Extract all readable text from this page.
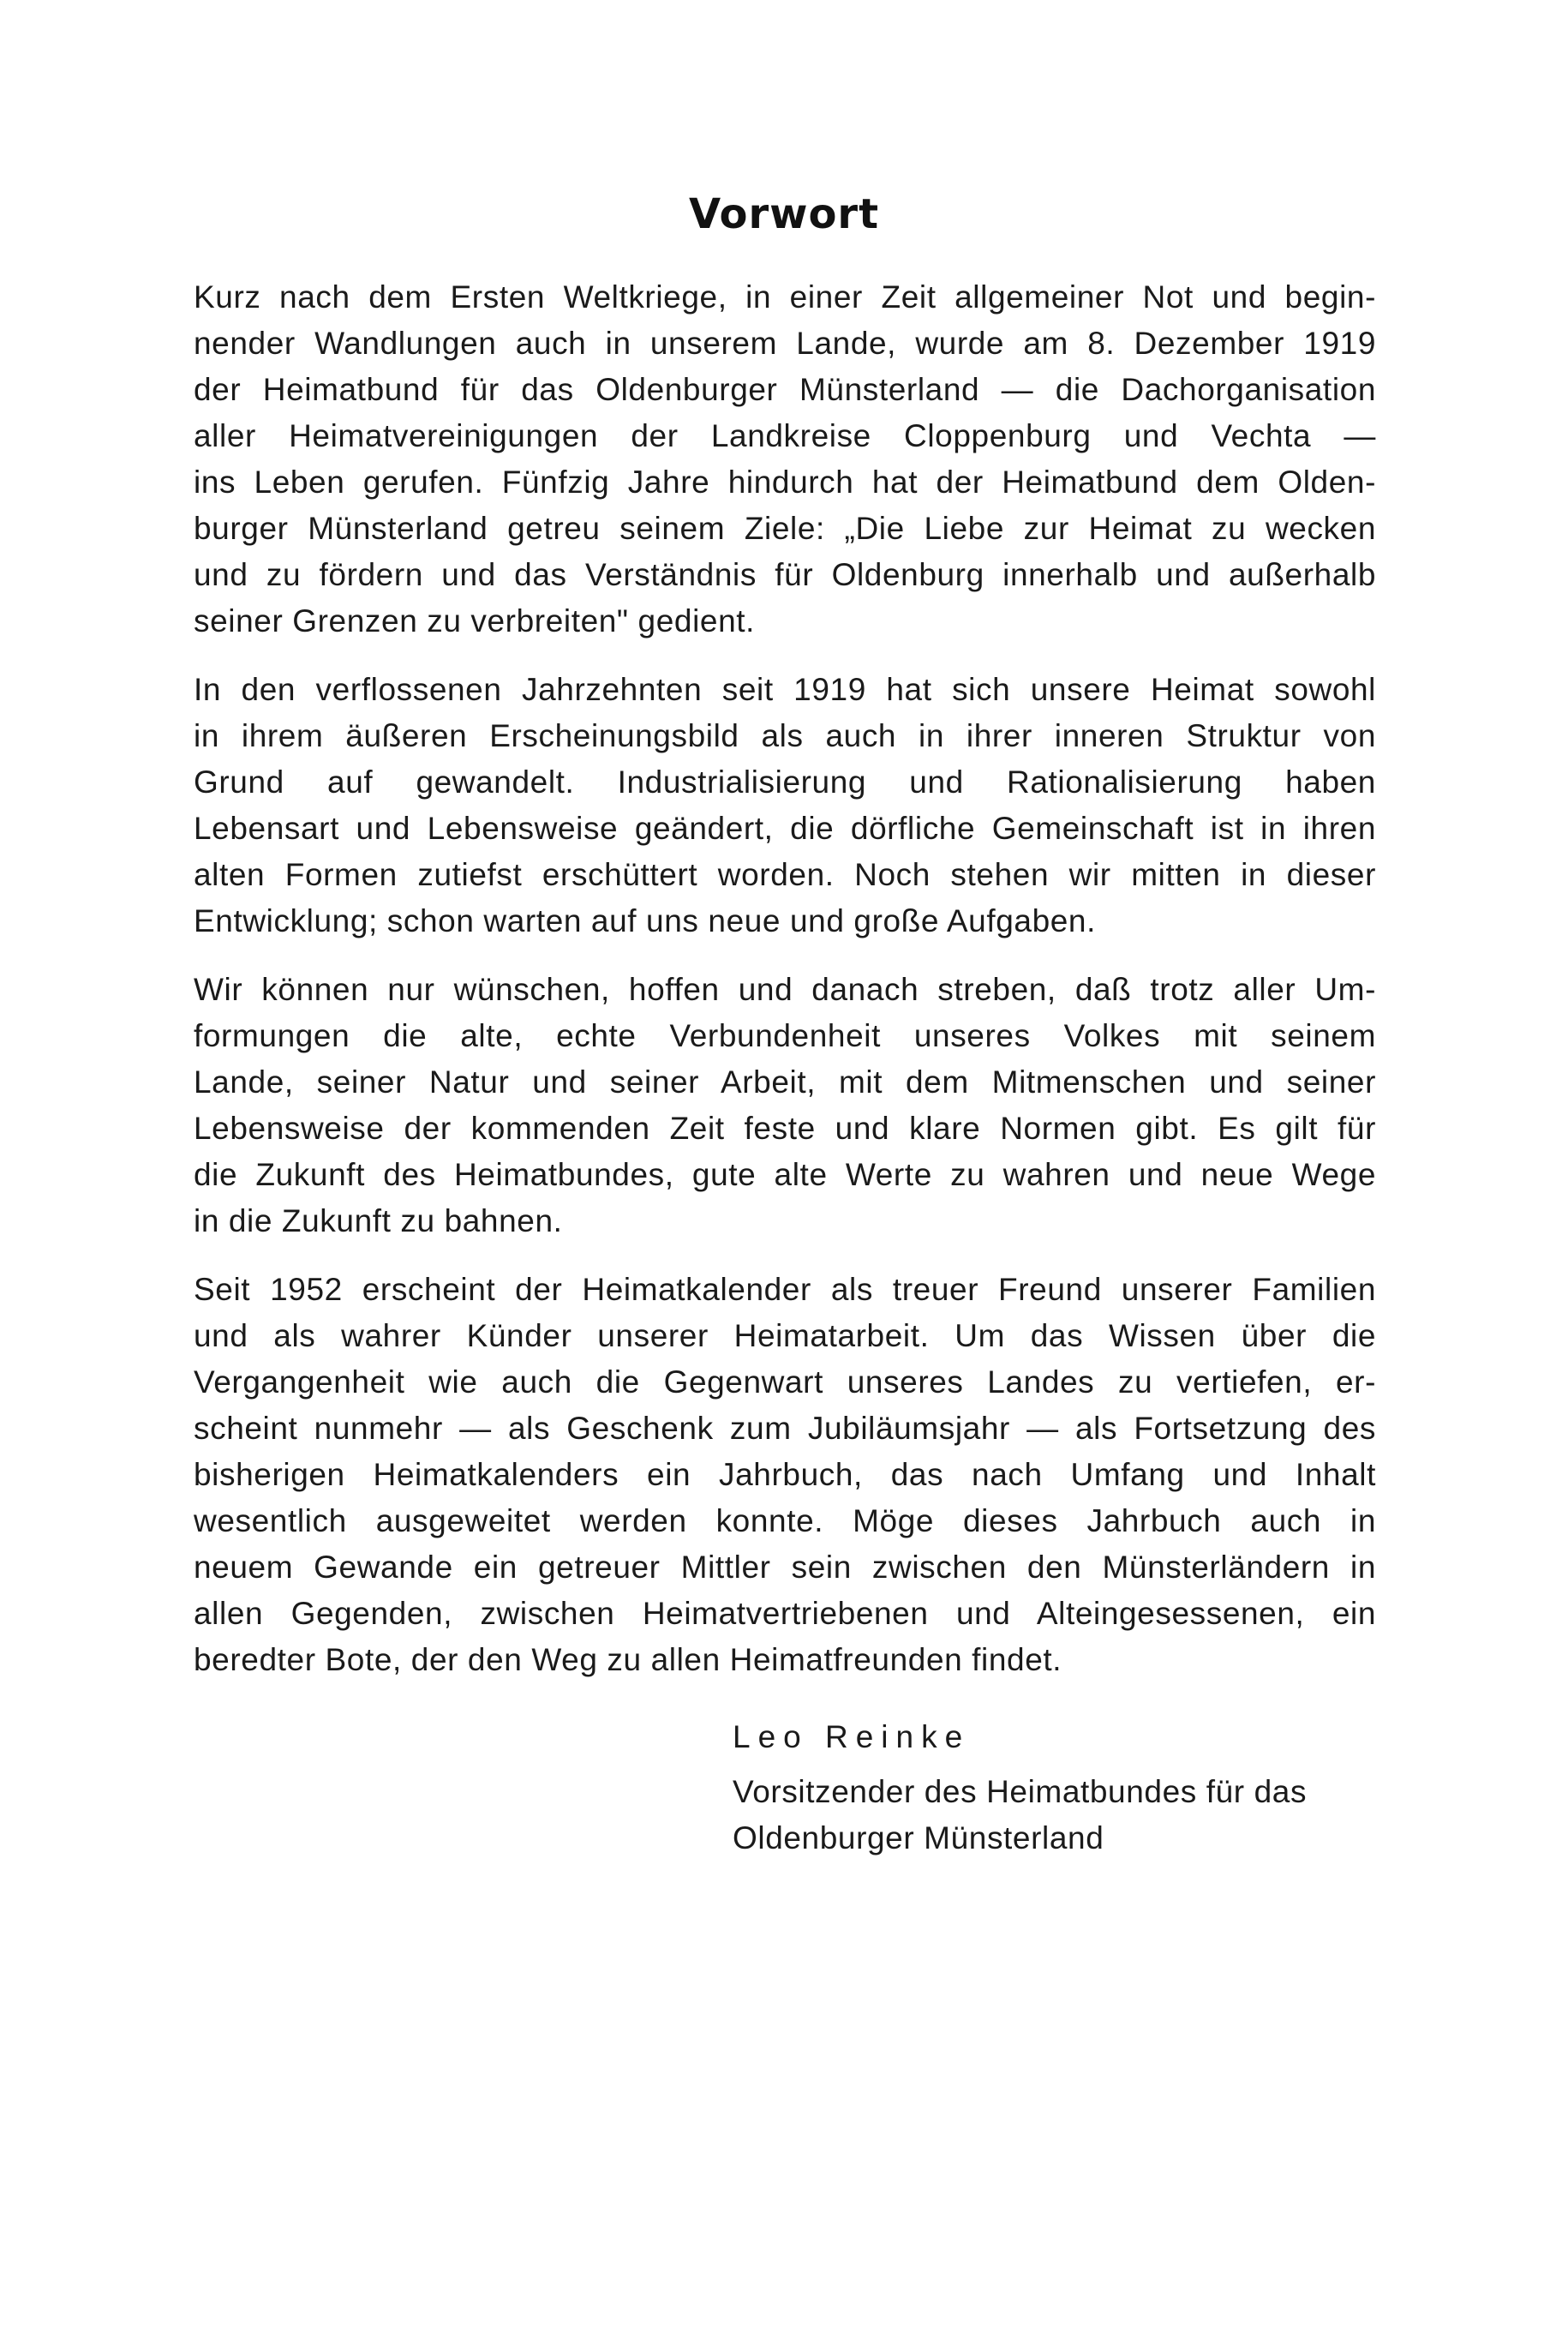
Vorwort
Kurz nach dem Ersten Weltkriege, in einer Zeit allgemeiner Not und begin-
nender Wandlungen auch in unserem Lande, wurde am 8. Dezember 1919
der Heimatbund für das Oldenburger Münsterland — die Dachorganisation
aller Heimatvereinigungen der Landkreise Cloppenburg und Vechta —
ins Leben gerufen. Fünfzig Jahre hindurch hat der Heimatbund dem Olden-
burger Münsterland getreu seinem Ziele: „Die Liebe zur Heimat zu wecken
und zu fördern und das Verständnis für Oldenburg innerhalb und außerhalb
seiner Grenzen zu verbreiten" gedient.
In den verflossenen Jahrzehnten seit 1919 hat sich unsere Heimat sowohl
in ihrem äußeren Erscheinungsbild als auch in ihrer inneren Struktur von
Grund auf gewandelt. Industrialisierung und Rationalisierung haben
Lebensart und Lebensweise geändert, die dörfliche Gemeinschaft ist in ihren
alten Formen zutiefst erschüttert worden. Noch stehen wir mitten in dieser
Entwicklung; schon warten auf uns neue und große Aufgaben.
Wir können nur wünschen, hoffen und danach streben, daß trotz aller Um-
formungen die alte, echte Verbundenheit unseres Volkes mit seinem
Lande, seiner Natur und seiner Arbeit, mit dem Mitmenschen und seiner
Lebensweise der kommenden Zeit feste und klare Normen gibt. Es gilt für
die Zukunft des Heimatbundes, gute alte Werte zu wahren und neue Wege
in die Zukunft zu bahnen.
Seit 1952 erscheint der Heimatkalender als treuer Freund unserer Familien
und als wahrer Künder unserer Heimatarbeit. Um das Wissen über die
Vergangenheit wie auch die Gegenwart unseres Landes zu vertiefen, er-
scheint nunmehr — als Geschenk zum Jubiläumsjahr — als Fortsetzung des
bisherigen Heimatkalenders ein Jahrbuch, das nach Umfang und Inhalt
wesentlich ausgeweitet werden konnte. Möge dieses Jahrbuch auch in
neuem Gewande ein getreuer Mittler sein zwischen den Münsterländern in
allen Gegenden, zwischen Heimatvertriebenen und Alteingesessenen, ein
beredter Bote, der den Weg zu allen Heimatfreunden findet.
Leo Reinke
Vorsitzender des Heimatbundes für das
Oldenburger Münsterland
